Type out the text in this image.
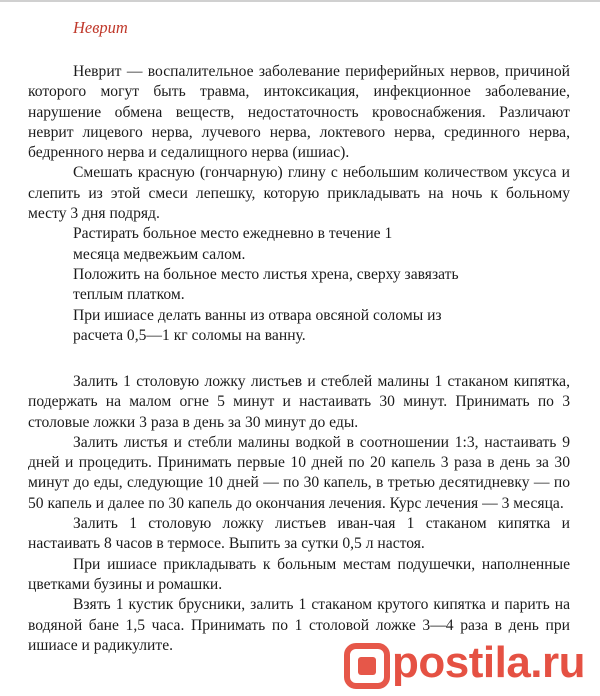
Неврит

Неврит — воспалительное заболевание периферийных нервов, причиной которого могут быть травма, интоксикация, инфекционное заболевание, нарушение обмена веществ, недостаточность кровоснабжения. Различают неврит лицевого нерва, лучевого нерва, локтевого нерва, срединного нерва, бедренного нерва и седалищного нерва (ишиас).

Смешать красную (гончарную) глину с небольшим количеством уксуса и слепить из этой смеси лепешку, которую прикладывать на ночь к больному месту 3 дня подряд.

Растирать больное место ежедневно в течение 1 месяца медвежьим салом.

Положить на больное место листья хрена, сверху завязать теплым платком.

При ишиасе делать ванны из отвара овсяной соломы из расчета 0,5—1 кг соломы на ванну.

Залить 1 столовую ложку листьев и стеблей малины 1 стаканом кипятка, подержать на малом огне 5 минут и настаивать 30 минут. Принимать по 3 столовые ложки 3 раза в день за 30 минут до еды.

Залить листья и стебли малины водкой в соотношении 1:3, настаивать 9 дней и процедить. Принимать первые 10 дней по 20 капель 3 раза в день за 30 минут до еды, следующие 10 дней — по 30 капель, в третью десятидневку — по 50 капель и далее по 30 капель до окончания лечения. Курс лечения — 3 месяца.

Залить 1 столовую ложку листьев иван-чая 1 стаканом кипятка и настаивать 8 часов в термосе. Выпить за сутки 0,5 л настоя.

При ишиасе прикладывать к больным местам подушечки, наполненные цветками бузины и ромашки.

Взять 1 кустик брусники, залить 1 стаканом крутого кипятка и парить на водяной бане 1,5 часа. Принимать по 1 столовой ложке 3—4 раза в день при ишиасе и радикулите.	postila.ru
